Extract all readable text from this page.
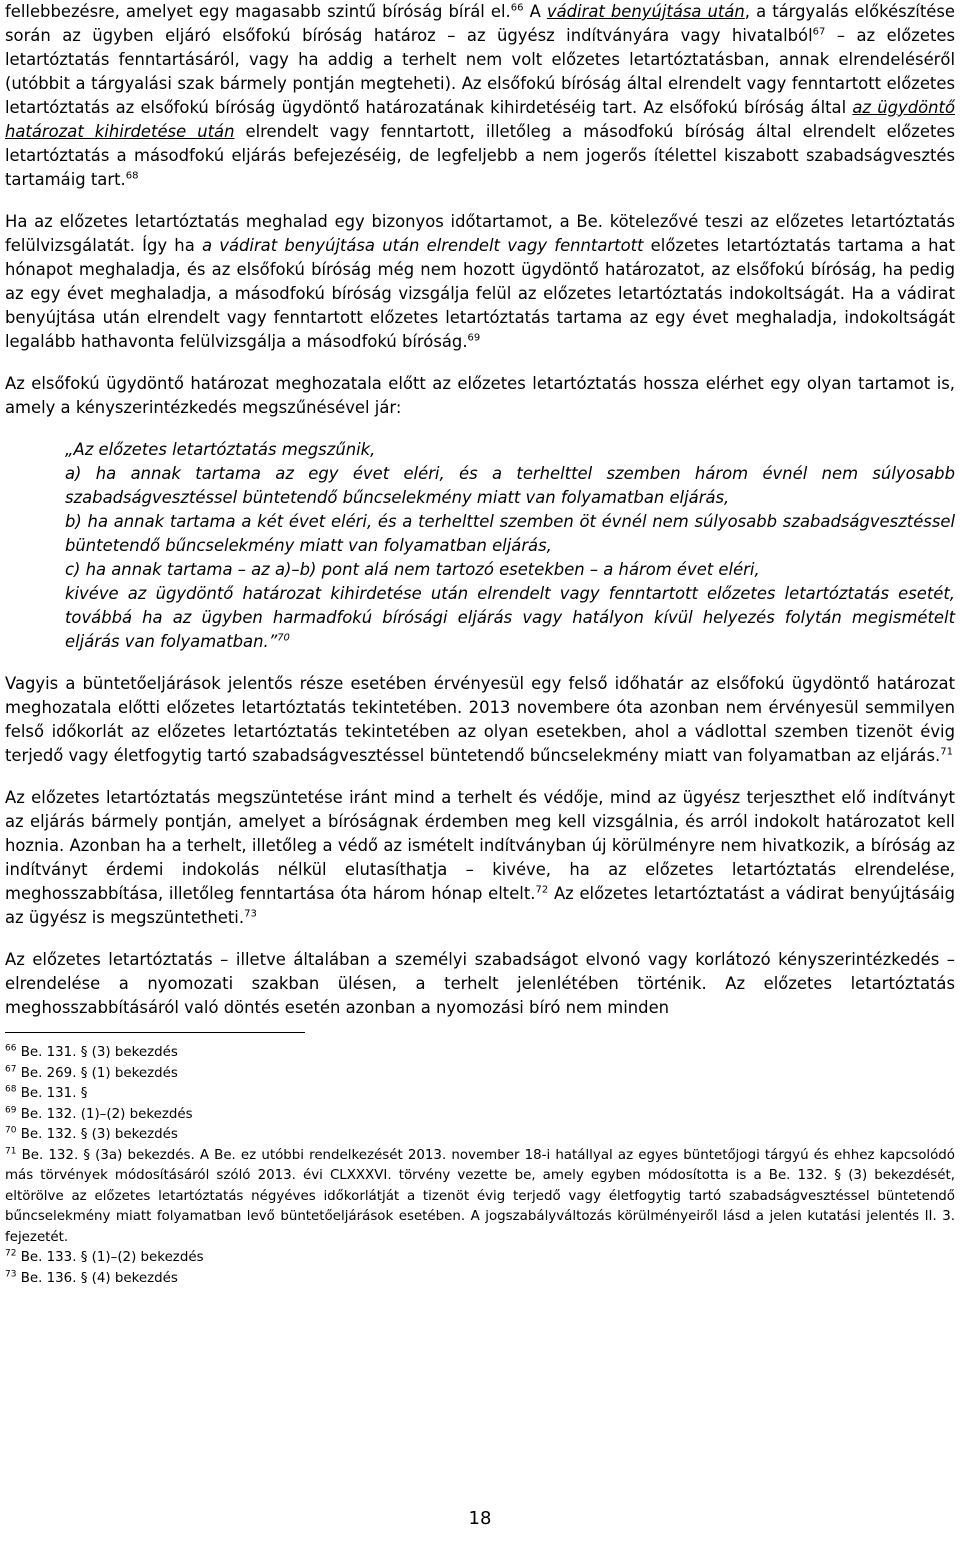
fellebbezésre, amelyet egy magasabb szintű bíróság bírál el.$^{66}$ A vádirat benyújtása után, a tárgyalás előkészítése során az ügyben eljáró elsőfokú bíróság határoz – az ügyész indítványára vagy hivatalból$^{67}$ – az előzetes letartóztatás fenntartásáról, vagy ha addig a terhelt nem volt előzetes letartóztatásban, annak elrendeléséről (utóbbit a tárgyalási szak bármely pontján megteheti). Az elsőfokú bíróság által elrendelt vagy fenntartott előzetes letartóztatás az elsőfokú bíróság ügydöntő határozatának kihirdetéséig tart. Az elsőfokú bíróság által az ügydöntő határozat kihirdetése után elrendelt vagy fenntartott, illetőleg a másodfokú bíróság által elrendelt előzetes letartóztatás a másodfokú eljárás befejezéséig, de legfeljebb a nem jogerős ítélettel kiszabott szabadságvesztés tartamáig tart.$^{68}$

Ha az előzetes letartóztatás meghalad egy bizonyos időtartamot, a Be. kötelezővé teszi az előzetes letartóztatás felülvizsgálatát. Így ha a vádirat benyújtása után elrendelt vagy fenntartott előzetes letartóztatás tartama a hat hónapot meghaladja, és az elsőfokú bíróság még nem hozott ügydöntő határozatot, az elsőfokú bíróság, ha pedig az egy évet meghaladja, a másodfokú bíróság vizsgálja felül az előzetes letartóztatás indokoltságát. Ha a vádirat benyújtása után elrendelt vagy fenntartott előzetes letartóztatás tartama az egy évet meghaladja, indokoltságát legalább hathavonta felülvizsgálja a másodfokú bíróság.$^{69}$

Az elsőfokú ügydöntő határozat meghozatala előtt az előzetes letartóztatás hossza elérhet egy olyan tartamot is, amely a kényszerintézkedés megszűnésével jár:

„Az előzetes letartóztatás megszűnik,
a) ha annak tartama az egy évet eléri, és a terhelttel szemben három évnél nem súlyosabb szabadságvesztéssel büntetendő bűncselekmény miatt van folyamatban eljárás,
b) ha annak tartama a két évet eléri, és a terhelttel szemben öt évnél nem súlyosabb szabadságvesztéssel büntetendő bűncselekmény miatt van folyamatban eljárás,
c) ha annak tartama – az a)–b) pont alá nem tartozó esetekben – a három évet eléri,
kivéve az ügydöntő határozat kihirdetése után elrendelt vagy fenntartott előzetes letartóztatás esetét, továbbá ha az ügyben harmadfokú bírósági eljárás vagy hatályon kívül helyezés folytán megismételt eljárás van folyamatban.”$^{70}$

Vagyis a büntetőeljárások jelentős része esetében érvényesül egy felső időhatár az elsőfokú ügydöntő határozat meghozatala előtti előzetes letartóztatás tekintetében. 2013 novembere óta azonban nem érvényesül semmilyen felső időkorlát az előzetes letartóztatás tekintetében az olyan esetekben, ahol a vádlottal szemben tizenöt évig terjedő vagy életfogytig tartó szabadságvesztéssel büntetendő bűncselekmény miatt van folyamatban az eljárás.$^{71}$

Az előzetes letartóztatás megszüntetése iránt mind a terhelt és védője, mind az ügyész terjeszthet elő indítványt az eljárás bármely pontján, amelyet a bíróságnak érdemben meg kell vizsgálnia, és arról indokolt határozatot kell hoznia. Azonban ha a terhelt, illetőleg a védő az ismételt indítványban új körülményre nem hivatkozik, a bíróság az indítványt érdemi indokolás nélkül elutasíthatja – kivéve, ha az előzetes letartóztatás elrendelése, meghosszabbítása, illetőleg fenntartása óta három hónap eltelt.$^{72}$ Az előzetes letartóztatást a vádirat benyújtásáig az ügyész is megszüntetheti.$^{73}$

Az előzetes letartóztatás – illetve általában a személyi szabadságot elvonó vagy korlátozó kényszerintézkedés – elrendelése a nyomozati szakban ülésen, a terhelt jelenlétében történik. Az előzetes letartóztatás meghosszabbításáról való döntés esetén azonban a nyomozási bíró nem minden

$^{66}$ Be. 131. § (3) bekezdés

$^{67}$ Be. 269. § (1) bekezdés

$^{68}$ Be. 131. §

$^{69}$ Be. 132. (1)–(2) bekezdés

$^{70}$ Be. 132. § (3) bekezdés

$^{71}$ Be. 132. § (3a) bekezdés. A Be. ez utóbbi rendelkezését 2013. november 18-i hatállyal az egyes büntetőjogi tárgyú és ehhez kapcsolódó más törvények módosításáról szóló 2013. évi CLXXXVI. törvény vezette be, amely egyben módosította is a Be. 132. § (3) bekezdését, eltörölve az előzetes letartóztatás négyéves időkorlátját a tizenöt évig terjedő vagy életfogytig tartó szabadságvesztéssel büntetendő bűncselekmény miatt folyamatban levő büntetőeljárások esetében. A jogszabályváltozás körülményeiről lásd a jelen kutatási jelentés II. 3. fejezetét.

$^{72}$ Be. 133. § (1)–(2) bekezdés

$^{73}$ Be. 136. § (4) bekezdés

18
